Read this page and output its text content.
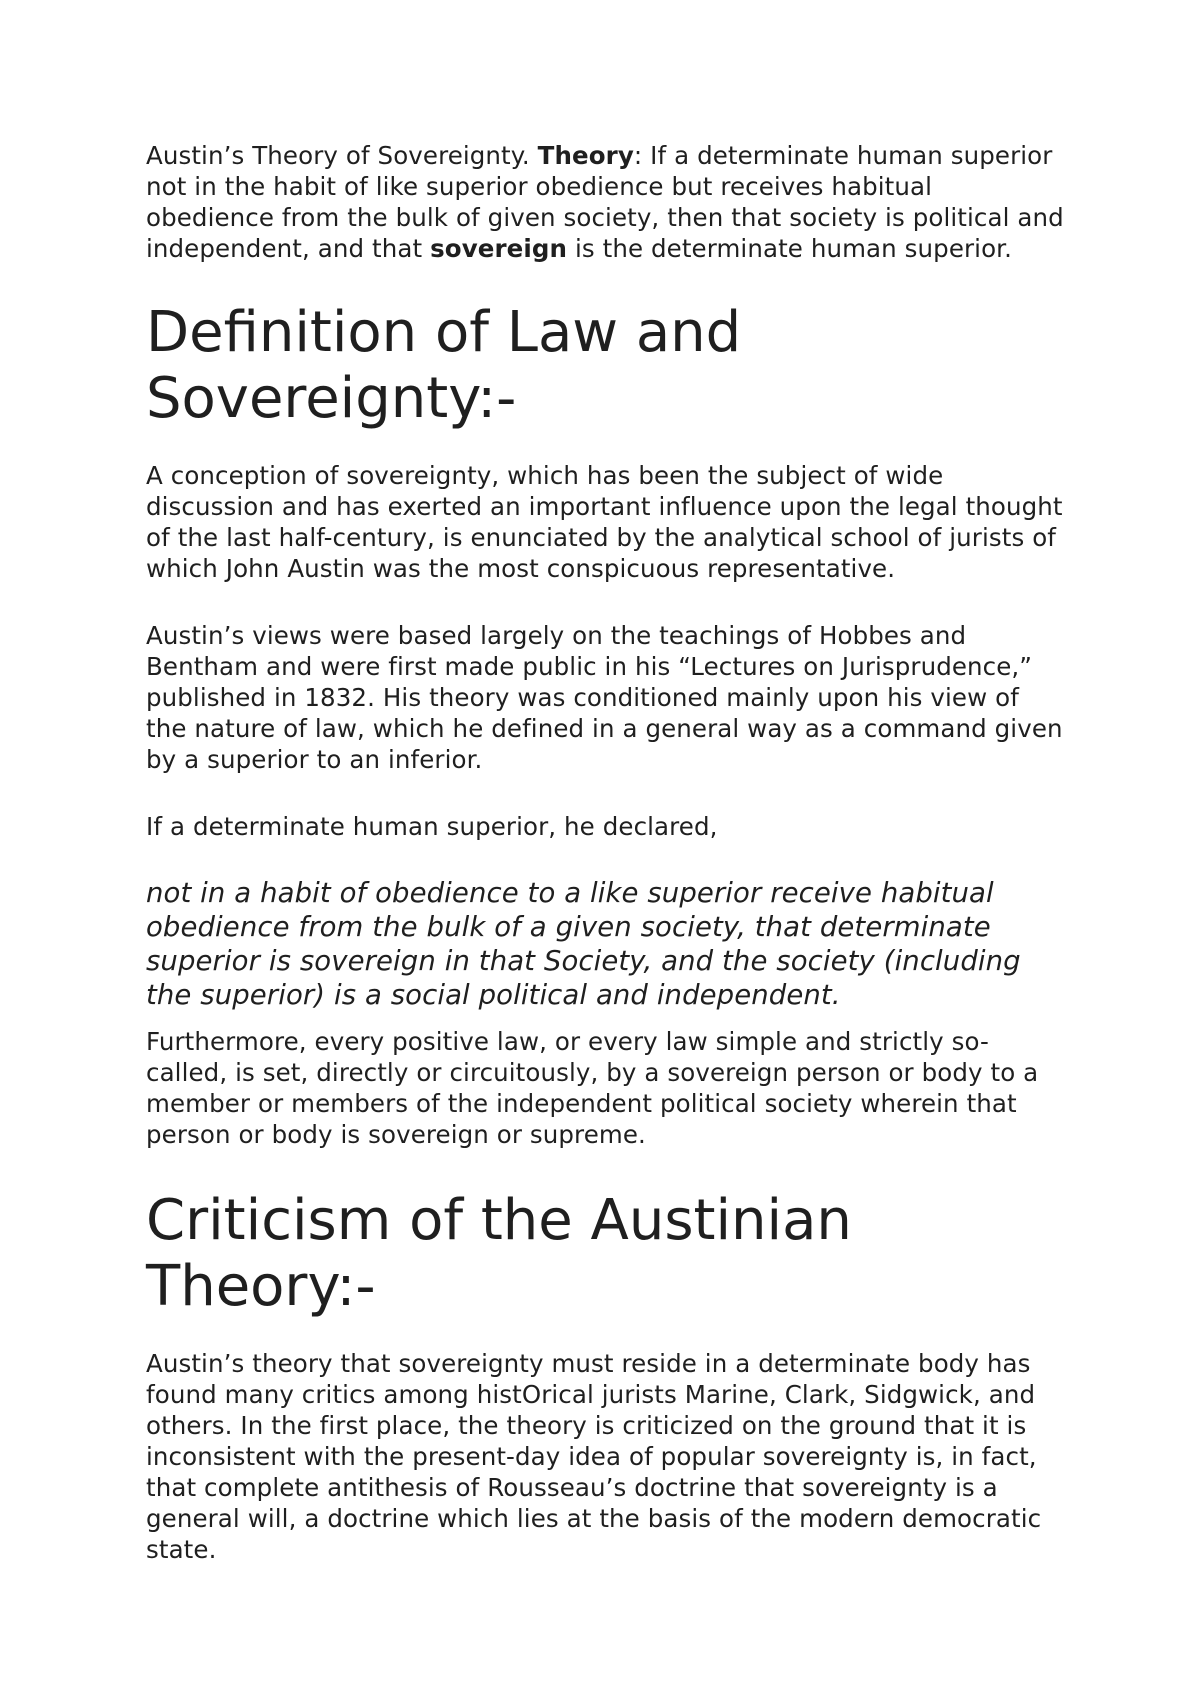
Austin’s Theory of Sovereignty. Theory: If a determinate human superior not in the habit of like superior obedience but receives habitual obedience from the bulk of given society, then that society is political and independent, and that sovereign is the determinate human superior.

Definition of Law and Sovereignty:-

A conception of sovereignty, which has been the subject of wide discussion and has exerted an important influence upon the legal thought of the last half-century, is enunciated by the analytical school of jurists of which John Austin was the most conspicuous representative.

Austin’s views were based largely on the teachings of Hobbes and Bentham and were first made public in his “Lectures on Jurisprudence,” published in 1832. His theory was conditioned mainly upon his view of the nature of law, which he defined in a general way as a command given by a superior to an inferior.

If a determinate human superior, he declared,

not in a habit of obedience to a like superior receive habitual obedience from the bulk of a given society, that determinate superior is sovereign in that Society, and the society (including the superior) is a social political and independent.

Furthermore, every positive law, or every law simple and strictly so-called, is set, directly or circuitously, by a sovereign person or body to a member or members of the independent political society wherein that person or body is sovereign or supreme.

Criticism of the Austinian Theory:-

Austin’s theory that sovereignty must reside in a determinate body has found many critics among histOrical jurists Marine, Clark, Sidgwick, and others. In the first place, the theory is criticized on the ground that it is inconsistent with the present-day idea of popular sovereignty is, in fact, that complete antithesis of Rousseau’s doctrine that sovereignty is a general will, a doctrine which lies at the basis of the modern democratic state.
